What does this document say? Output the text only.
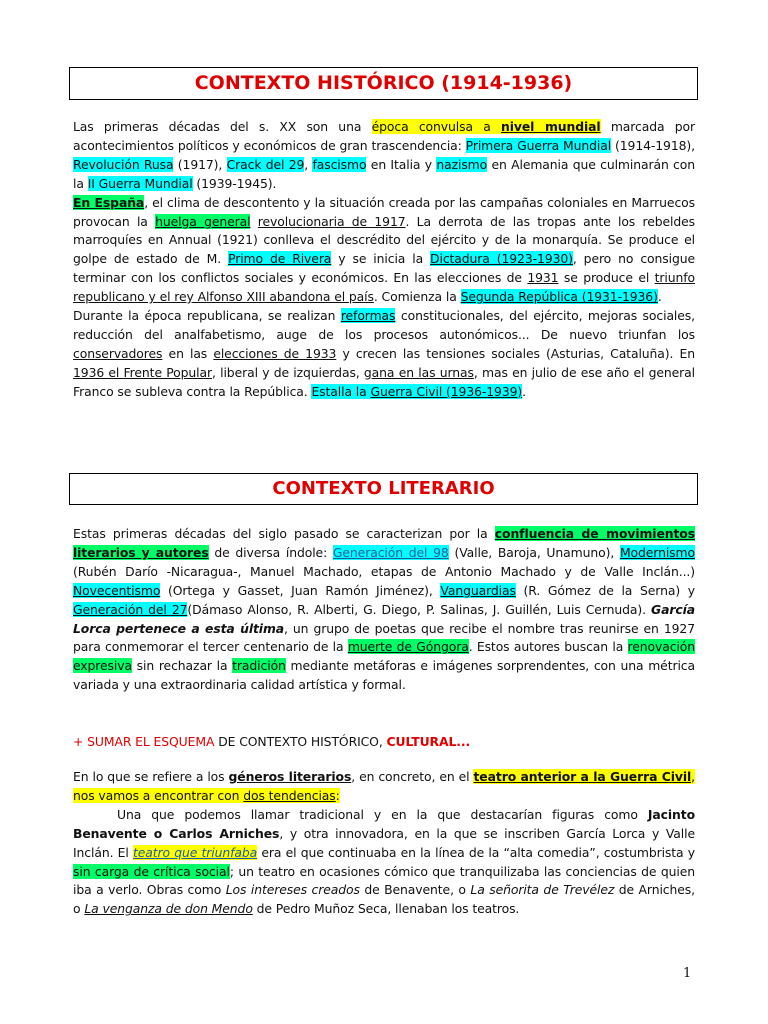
CONTEXTO HISTÓRICO (1914-1936)

Las primeras décadas del s. XX son una época convulsa a nivel mundial marcada por acontecimientos políticos y económicos de gran trascendencia: Primera Guerra Mundial (1914-1918), Revolución Rusa (1917), Crack del 29, fascismo en Italia y nazismo en Alemania que culminarán con la II Guerra Mundial (1939-1945).

En España, el clima de descontento y la situación creada por las campañas coloniales en Marruecos provocan la huelga general revolucionaria de 1917. La derrota de las tropas ante los rebeldes marroquíes en Annual (1921) conlleva el descrédito del ejército y de la monarquía. Se produce el golpe de estado de M. Primo de Rivera y se inicia la Dictadura (1923-1930), pero no consigue terminar con los conflictos sociales y económicos. En las elecciones de 1931 se produce el triunfo republicano y el rey Alfonso XIII abandona el país. Comienza la Segunda República (1931-1936).

Durante la época republicana, se realizan reformas constitucionales, del ejército, mejoras sociales, reducción del analfabetismo, auge de los procesos autonómicos... De nuevo triunfan los conservadores en las elecciones de 1933 y crecen las tensiones sociales (Asturias, Cataluña). En 1936 el Frente Popular, liberal y de izquierdas, gana en las urnas, mas en julio de ese año el general Franco se subleva contra la República. Estalla la Guerra Civil (1936-1939).

CONTEXTO LITERARIO

Estas primeras décadas del siglo pasado se caracterizan por la confluencia de movimientos literarios y autores de diversa índole: Generación del 98 (Valle, Baroja, Unamuno), Modernismo (Rubén Darío -Nicaragua-, Manuel Machado, etapas de Antonio Machado y de Valle Inclán...) Novecentismo (Ortega y Gasset, Juan Ramón Jiménez), Vanguardias (R. Gómez de la Serna) y Generación del 27(Dámaso Alonso, R. Alberti, G. Diego, P. Salinas, J. Guillén, Luis Cernuda). García Lorca pertenece a esta última, un grupo de poetas que recibe el nombre tras reunirse en 1927 para conmemorar el tercer centenario de la muerte de Góngora. Estos autores buscan la renovación expresiva sin rechazar la tradición mediante metáforas e imágenes sorprendentes, con una métrica variada y una extraordinaria calidad artística y formal.

+ SUMAR EL ESQUEMA DE CONTEXTO HISTÓRICO, CULTURAL...

En lo que se refiere a los géneros literarios, en concreto, en el teatro anterior a la Guerra Civil, nos vamos a encontrar con dos tendencias:

Una que podemos llamar tradicional y en la que destacarían figuras como Jacinto Benavente o Carlos Arniches, y otra innovadora, en la que se inscriben García Lorca y Valle Inclán. El teatro que triunfaba era el que continuaba en la línea de la “alta comedia”, costumbrista y sin carga de crítica social; un teatro en ocasiones cómico que tranquilizaba las conciencias de quien iba a verlo. Obras como Los intereses creados de Benavente, o La señorita de Trevélez de Arniches, o La venganza de don Mendo de Pedro Muñoz Seca, llenaban los teatros.

1
